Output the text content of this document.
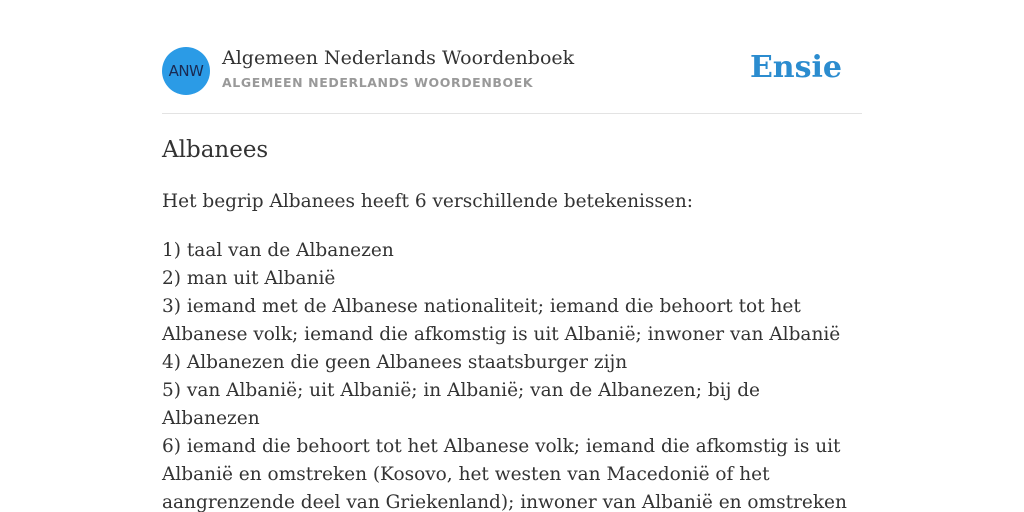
ANW
Algemeen Nederlands Woordenboek
ALGEMEEN NEDERLANDS WOORDENBOEK	Ensie
Albanees
Het begrip Albanees heeft 6 verschillende betekenissen:
1) taal van de Albanezen
2) man uit Albanië
3) iemand met de Albanese nationaliteit; iemand die behoort tot het Albanese volk; iemand die afkomstig is uit Albanië; inwoner van Albanië
4) Albanezen die geen Albanees staatsburger zijn
5) van Albanië; uit Albanië; in Albanië; van de Albanezen; bij de Albanezen
6) iemand die behoort tot het Albanese volk; iemand die afkomstig is uit Albanië en omstreken (Kosovo, het westen van Macedonië of het aangrenzende deel van Griekenland); inwoner van Albanië en omstreken
